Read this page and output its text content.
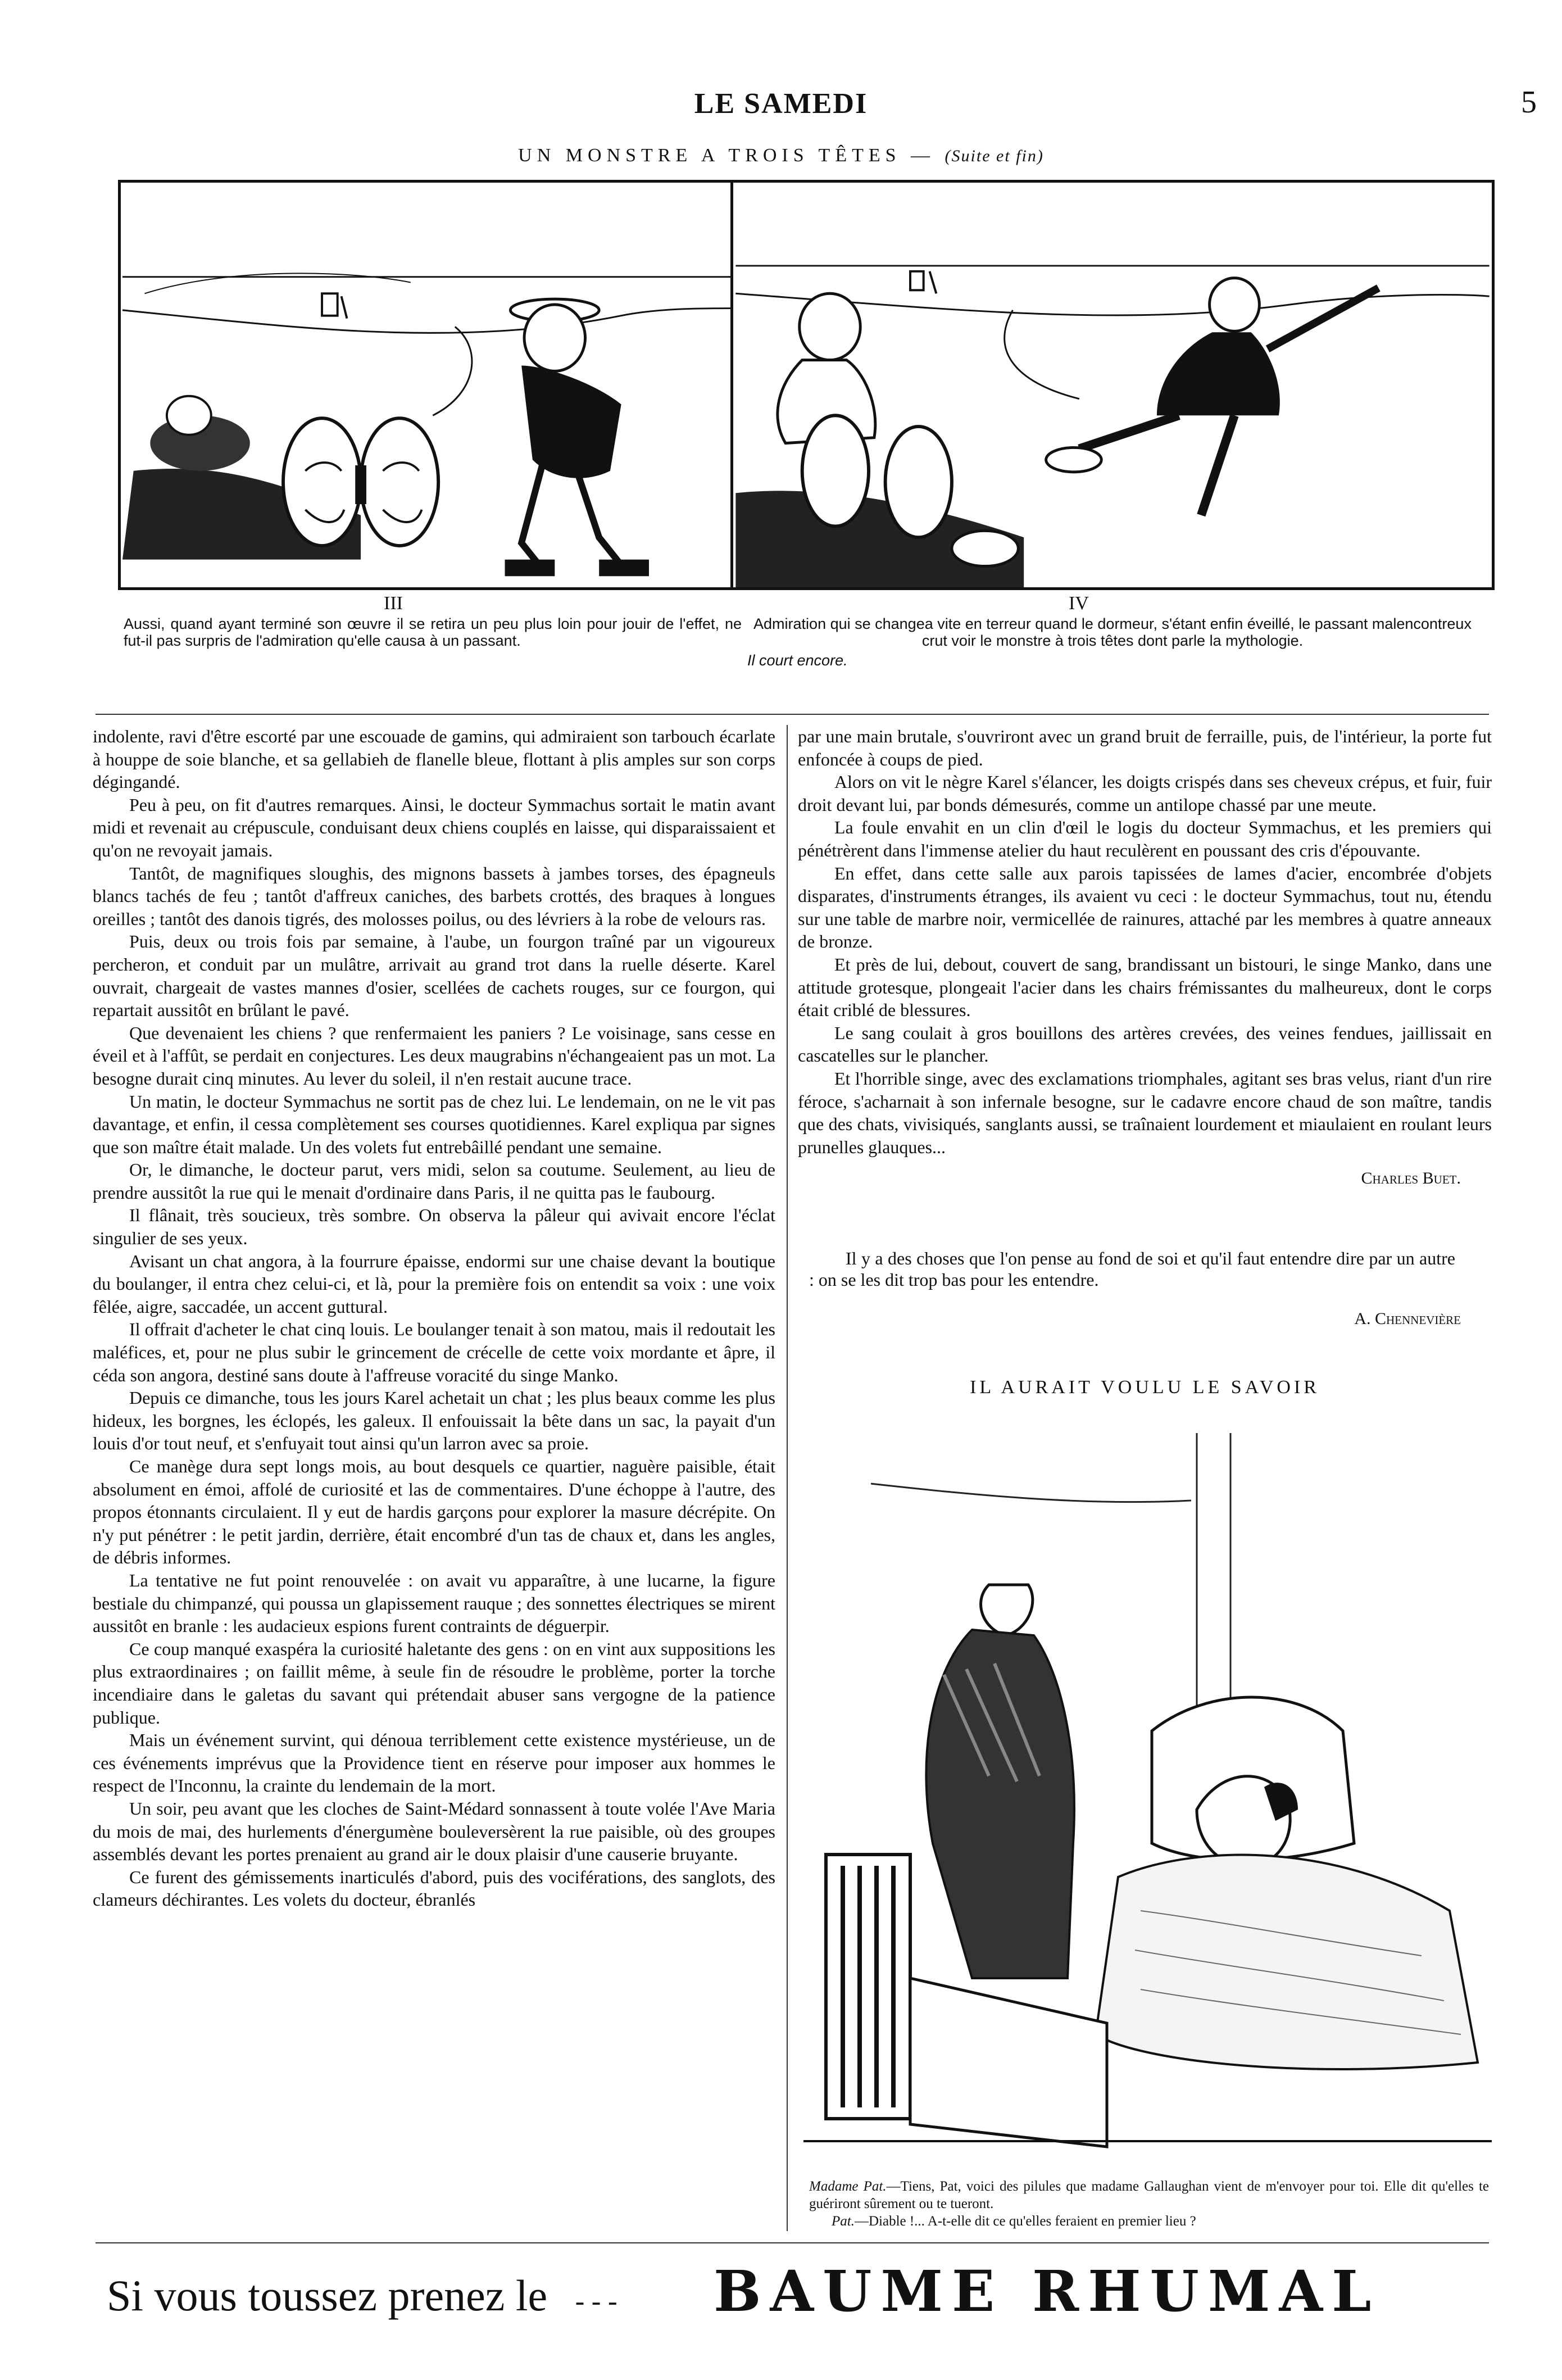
LE SAMEDI	5
UN MONSTRE A TROIS TÊTES — (Suite et fin)
III
Aussi, quand ayant terminé son œuvre il se retira un peu plus loin pour jouir de l'effet, ne fut-il pas surpris de l'admiration qu'elle causa à un passant.
IV
Admiration qui se changea vite en terreur quand le dormeur, s'étant enfin éveillé, le passant malencontreux crut voir le monstre à trois têtes dont parle la mythologie.
Il court encore.

indolente, ravi d'être escorté par une escouade de gamins, qui admiraient son tarbouch écarlate à houppe de soie blanche, et sa gellabieh de flanelle bleue, flottant à plis amples sur son corps dégingandé.

Peu à peu, on fit d'autres remarques. Ainsi, le docteur Symmachus sortait le matin avant midi et revenait au crépuscule, conduisant deux chiens couplés en laisse, qui disparaissaient et qu'on ne revoyait jamais.

Tantôt, de magnifiques sloughis, des mignons bassets à jambes torses, des épagneuls blancs tachés de feu ; tantôt d'affreux caniches, des barbets crottés, des braques à longues oreilles ; tantôt des danois tigrés, des molosses poilus, ou des lévriers à la robe de velours ras.

Puis, deux ou trois fois par semaine, à l'aube, un fourgon traîné par un vigoureux percheron, et conduit par un mulâtre, arrivait au grand trot dans la ruelle déserte. Karel ouvrait, chargeait de vastes mannes d'osier, scellées de cachets rouges, sur ce fourgon, qui repartait aussitôt en brûlant le pavé.

Que devenaient les chiens ? que renfermaient les paniers ? Le voisinage, sans cesse en éveil et à l'affût, se perdait en conjectures. Les deux maugrabins n'échangeaient pas un mot. La besogne durait cinq minutes. Au lever du soleil, il n'en restait aucune trace.

Un matin, le docteur Symmachus ne sortit pas de chez lui. Le lendemain, on ne le vit pas davantage, et enfin, il cessa complètement ses courses quotidiennes. Karel expliqua par signes que son maître était malade. Un des volets fut entrebâillé pendant une semaine.

Or, le dimanche, le docteur parut, vers midi, selon sa coutume. Seulement, au lieu de prendre aussitôt la rue qui le menait d'ordinaire dans Paris, il ne quitta pas le faubourg.

Il flânait, très soucieux, très sombre. On observa la pâleur qui avivait encore l'éclat singulier de ses yeux.

Avisant un chat angora, à la fourrure épaisse, endormi sur une chaise devant la boutique du boulanger, il entra chez celui-ci, et là, pour la première fois on entendit sa voix : une voix fêlée, aigre, saccadée, un accent guttural.

Il offrait d'acheter le chat cinq louis. Le boulanger tenait à son matou, mais il redoutait les maléfices, et, pour ne plus subir le grincement de crécelle de cette voix mordante et âpre, il céda son angora, destiné sans doute à l'affreuse voracité du singe Manko.

Depuis ce dimanche, tous les jours Karel achetait un chat ; les plus beaux comme les plus hideux, les borgnes, les éclopés, les galeux. Il enfouissait la bête dans un sac, la payait d'un louis d'or tout neuf, et s'enfuyait tout ainsi qu'un larron avec sa proie.

Ce manège dura sept longs mois, au bout desquels ce quartier, naguère paisible, était absolument en émoi, affolé de curiosité et las de commentaires. D'une échoppe à l'autre, des propos étonnants circulaient. Il y eut de hardis garçons pour explorer la masure décrépite. On n'y put pénétrer : le petit jardin, derrière, était encombré d'un tas de chaux et, dans les angles, de débris informes.

La tentative ne fut point renouvelée : on avait vu apparaître, à une lucarne, la figure bestiale du chimpanzé, qui poussa un glapissement rauque ; des sonnettes électriques se mirent aussitôt en branle : les audacieux espions furent contraints de déguerpir.

Ce coup manqué exaspéra la curiosité haletante des gens : on en vint aux suppositions les plus extraordinaires ; on faillit même, à seule fin de résoudre le problème, porter la torche incendiaire dans le galetas du savant qui prétendait abuser sans vergogne de la patience publique.

Mais un événement survint, qui dénoua terriblement cette existence mystérieuse, un de ces événements imprévus que la Providence tient en réserve pour imposer aux hommes le respect de l'Inconnu, la crainte du lendemain de la mort.

Un soir, peu avant que les cloches de Saint-Médard sonnassent à toute volée l'Ave Maria du mois de mai, des hurlements d'énergumène bouleversèrent la rue paisible, où des groupes assemblés devant les portes prenaient au grand air le doux plaisir d'une causerie bruyante.

Ce furent des gémissements inarticulés d'abord, puis des vociférations, des sanglots, des clameurs déchirantes. Les volets du docteur, ébranlés

par une main brutale, s'ouvriront avec un grand bruit de ferraille, puis, de l'intérieur, la porte fut enfoncée à coups de pied.

Alors on vit le nègre Karel s'élancer, les doigts crispés dans ses cheveux crépus, et fuir, fuir droit devant lui, par bonds démesurés, comme un antilope chassé par une meute.

La foule envahit en un clin d'œil le logis du docteur Symmachus, et les premiers qui pénétrèrent dans l'immense atelier du haut reculèrent en poussant des cris d'épouvante.

En effet, dans cette salle aux parois tapissées de lames d'acier, encombrée d'objets disparates, d'instruments étranges, ils avaient vu ceci : le docteur Symmachus, tout nu, étendu sur une table de marbre noir, vermicellée de rainures, attaché par les membres à quatre anneaux de bronze.

Et près de lui, debout, couvert de sang, brandissant un bistouri, le singe Manko, dans une attitude grotesque, plongeait l'acier dans les chairs frémissantes du malheureux, dont le corps était criblé de blessures.

Le sang coulait à gros bouillons des artères crevées, des veines fendues, jaillissait en cascatelles sur le plancher.

Et l'horrible singe, avec des exclamations triomphales, agitant ses bras velus, riant d'un rire féroce, s'acharnait à son infernale besogne, sur le cadavre encore chaud de son maître, tandis que des chats, vivisiqués, sanglants aussi, se traînaient lourdement et miaulaient en roulant leurs prunelles glauques...

Charles Buet.

Il y a des choses que l'on pense au fond de soi et qu'il faut entendre dire par un autre : on se les dit trop bas pour les entendre.

A. Chennevière
IL AURAIT VOULU LE SAVOIR
Madame Pat.—Tiens, Pat, voici des pilules que madame Gallaughan vient de m'envoyer pour toi. Elle dit qu'elles te guériront sûrement ou te tueront.
Pat.—Diable !... A-t-elle dit ce qu'elles feraient en premier lieu ?
Si vous toussez prenez le - - - BAUME RHUMAL
